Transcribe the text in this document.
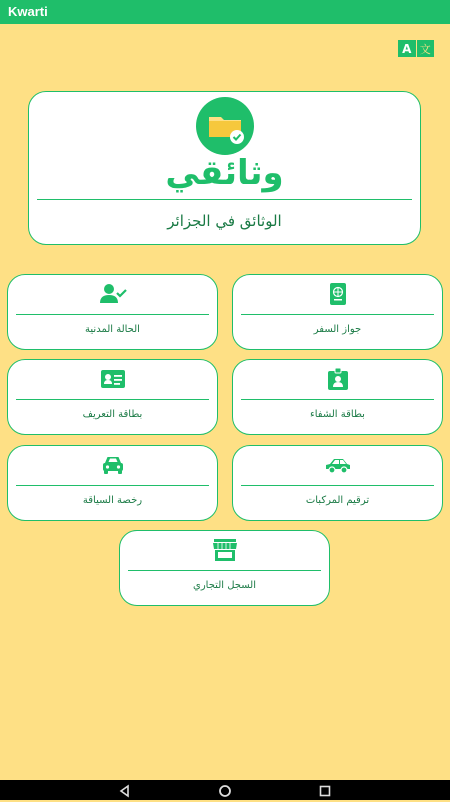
Kwarti
A 文
وثائقي
الوثائق في الجزائر
الحالة المدنية	جواز السفر
بطاقة التعريف	بطاقة الشفاء
رخصة السياقة	ترقيم المركبات
السجل التجاري
